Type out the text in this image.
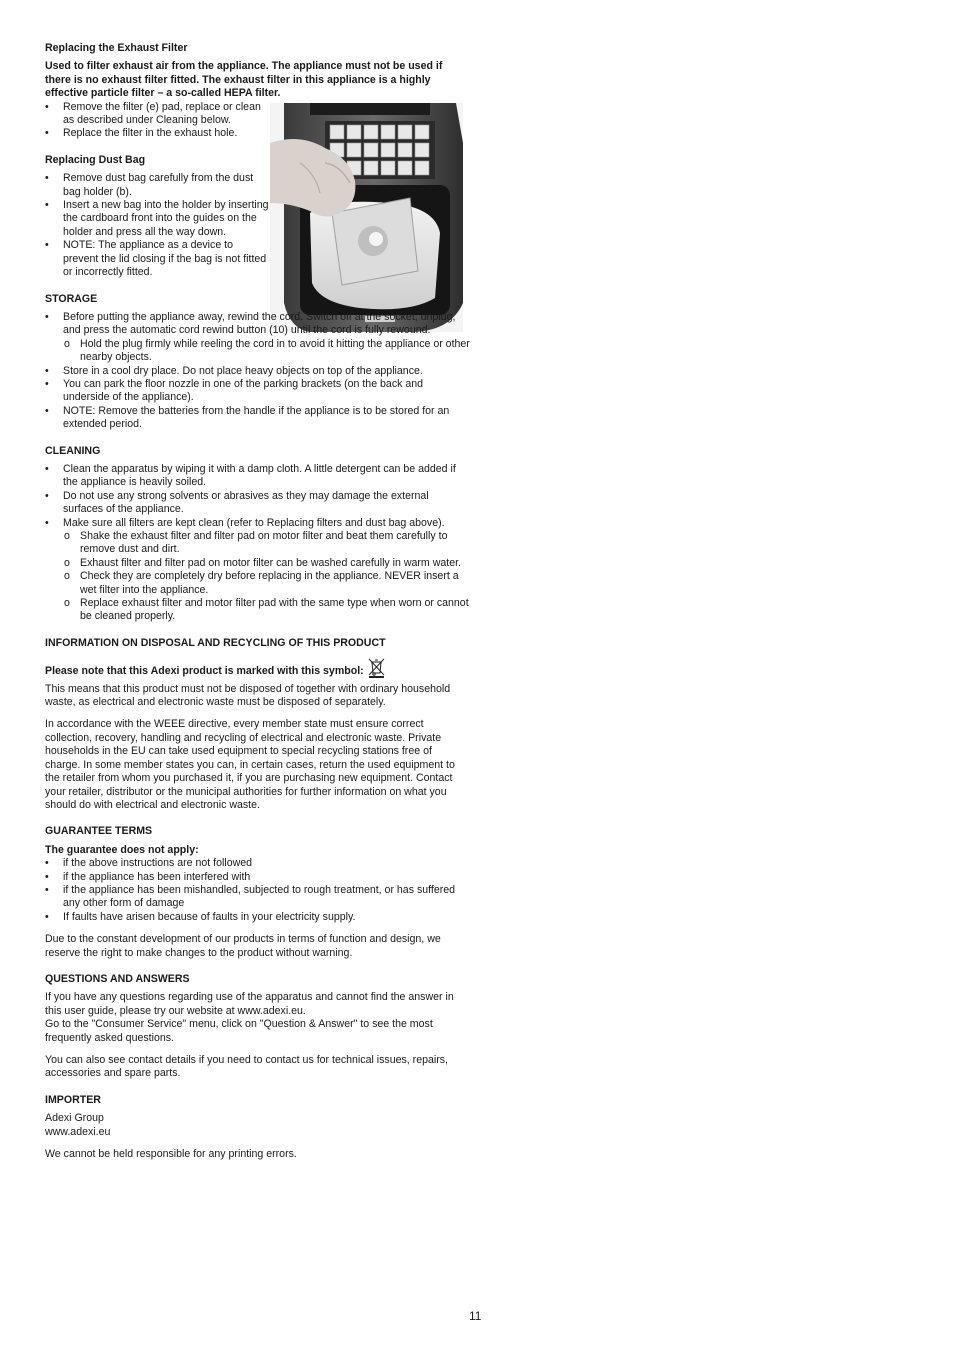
Replacing the Exhaust Filter

Used to filter exhaust air from the appliance. The appliance must not be used if there is no exhaust filter fitted. The exhaust filter in this appliance is a highly effective particle filter – a so-called HEPA filter.

• Remove the filter (e) pad, replace or clean as described under Cleaning below.
• Replace the filter in the exhaust hole.
Replacing Dust Bag
• Remove dust bag carefully from the dust bag holder (b).
• Insert a new bag into the holder by inserting the cardboard front into the guides on the holder and press all the way down.
• NOTE: The appliance as a device to prevent the lid closing if the bag is not fitted or incorrectly fitted.
STORAGE
• Before putting the appliance away, rewind the cord. Switch off at the socket, unplug, and press the automatic cord rewind button (10) until the cord is fully rewound.
o Hold the plug firmly while reeling the cord in to avoid it hitting the appliance or other nearby objects.
• Store in a cool dry place. Do not place heavy objects on top of the appliance.
• You can park the floor nozzle in one of the parking brackets (on the back and underside of the appliance).
• NOTE: Remove the batteries from the handle if the appliance is to be stored for an extended period.
CLEANING
• Clean the apparatus by wiping it with a damp cloth. A little detergent can be added if the appliance is heavily soiled.
• Do not use any strong solvents or abrasives as they may damage the external surfaces of the appliance.
• Make sure all filters are kept clean (refer to Replacing filters and dust bag above).
o Shake the exhaust filter and filter pad on motor filter and beat them carefully to remove dust and dirt.
o Exhaust filter and filter pad on motor filter can be washed carefully in warm water.
o Check they are completely dry before replacing in the appliance. NEVER insert a wet filter into the appliance.
o Replace exhaust filter and motor filter pad with the same type when worn or cannot be cleaned properly.
INFORMATION ON DISPOSAL AND RECYCLING OF THIS PRODUCT

Please note that this Adexi product is marked with this symbol:

This means that this product must not be disposed of together with ordinary household waste, as electrical and electronic waste must be disposed of separately.

In accordance with the WEEE directive, every member state must ensure correct collection, recovery, handling and recycling of electrical and electronic waste. Private households in the EU can take used equipment to special recycling stations free of charge. In some member states you can, in certain cases, return the used equipment to the retailer from whom you purchased it, if you are purchasing new equipment. Contact your retailer, distributor or the municipal authorities for further information on what you should do with electrical and electronic waste.

GUARANTEE TERMS

The guarantee does not apply:

• if the above instructions are not followed
• if the appliance has been interfered with
• if the appliance has been mishandled, subjected to rough treatment, or has suffered any other form of damage
• If faults have arisen because of faults in your electricity supply.

Due to the constant development of our products in terms of function and design, we reserve the right to make changes to the product without warning.

QUESTIONS AND ANSWERS

If you have any questions regarding use of the apparatus and cannot find the answer in this user guide, please try our website at www.adexi.eu.

Go to the "Consumer Service" menu, click on "Question & Answer" to see the most frequently asked questions.

You can also see contact details if you need to contact us for technical issues, repairs, accessories and spare parts.

IMPORTER

Adexi Group

www.adexi.eu

We cannot be held responsible for any printing errors.

11
